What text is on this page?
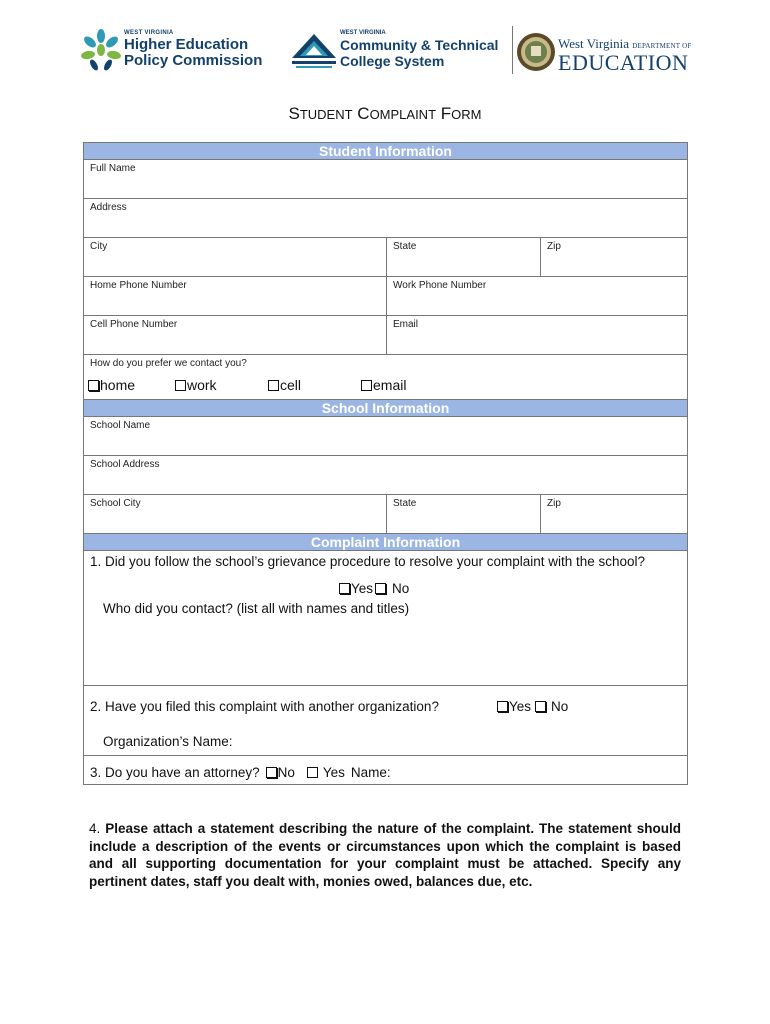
WEST VIRGINIA
Higher Education
Policy Commission
WEST VIRGINIA
Community & Technical
College System
West Virginia DEPARTMENT OF
EDUCATION
STUDENT COMPLAINT FORM
Student Information
Full Name
Address
City	State	Zip
Home Phone Number	Work Phone Number
Cell Phone Number	Email
How do you prefer we contact you?
home	work	cell	email
School Information
School Name
School Address
School City	State	Zip
Complaint Information
1. Did you follow the school’s grievance procedure to resolve your complaint with the school?
Yes No
Who did you contact? (list all with names and titles)
2. Have you filed this complaint with another organization?	Yes No
Organization’s Name:
3. Do you have an attorney? No Yes Name:
4. Please attach a statement describing the nature of the complaint. The statement should include a description of the events or circumstances upon which the complaint is based and all supporting documentation for your complaint must be attached. Specify any pertinent dates, staff you dealt with, monies owed, balances due, etc.
